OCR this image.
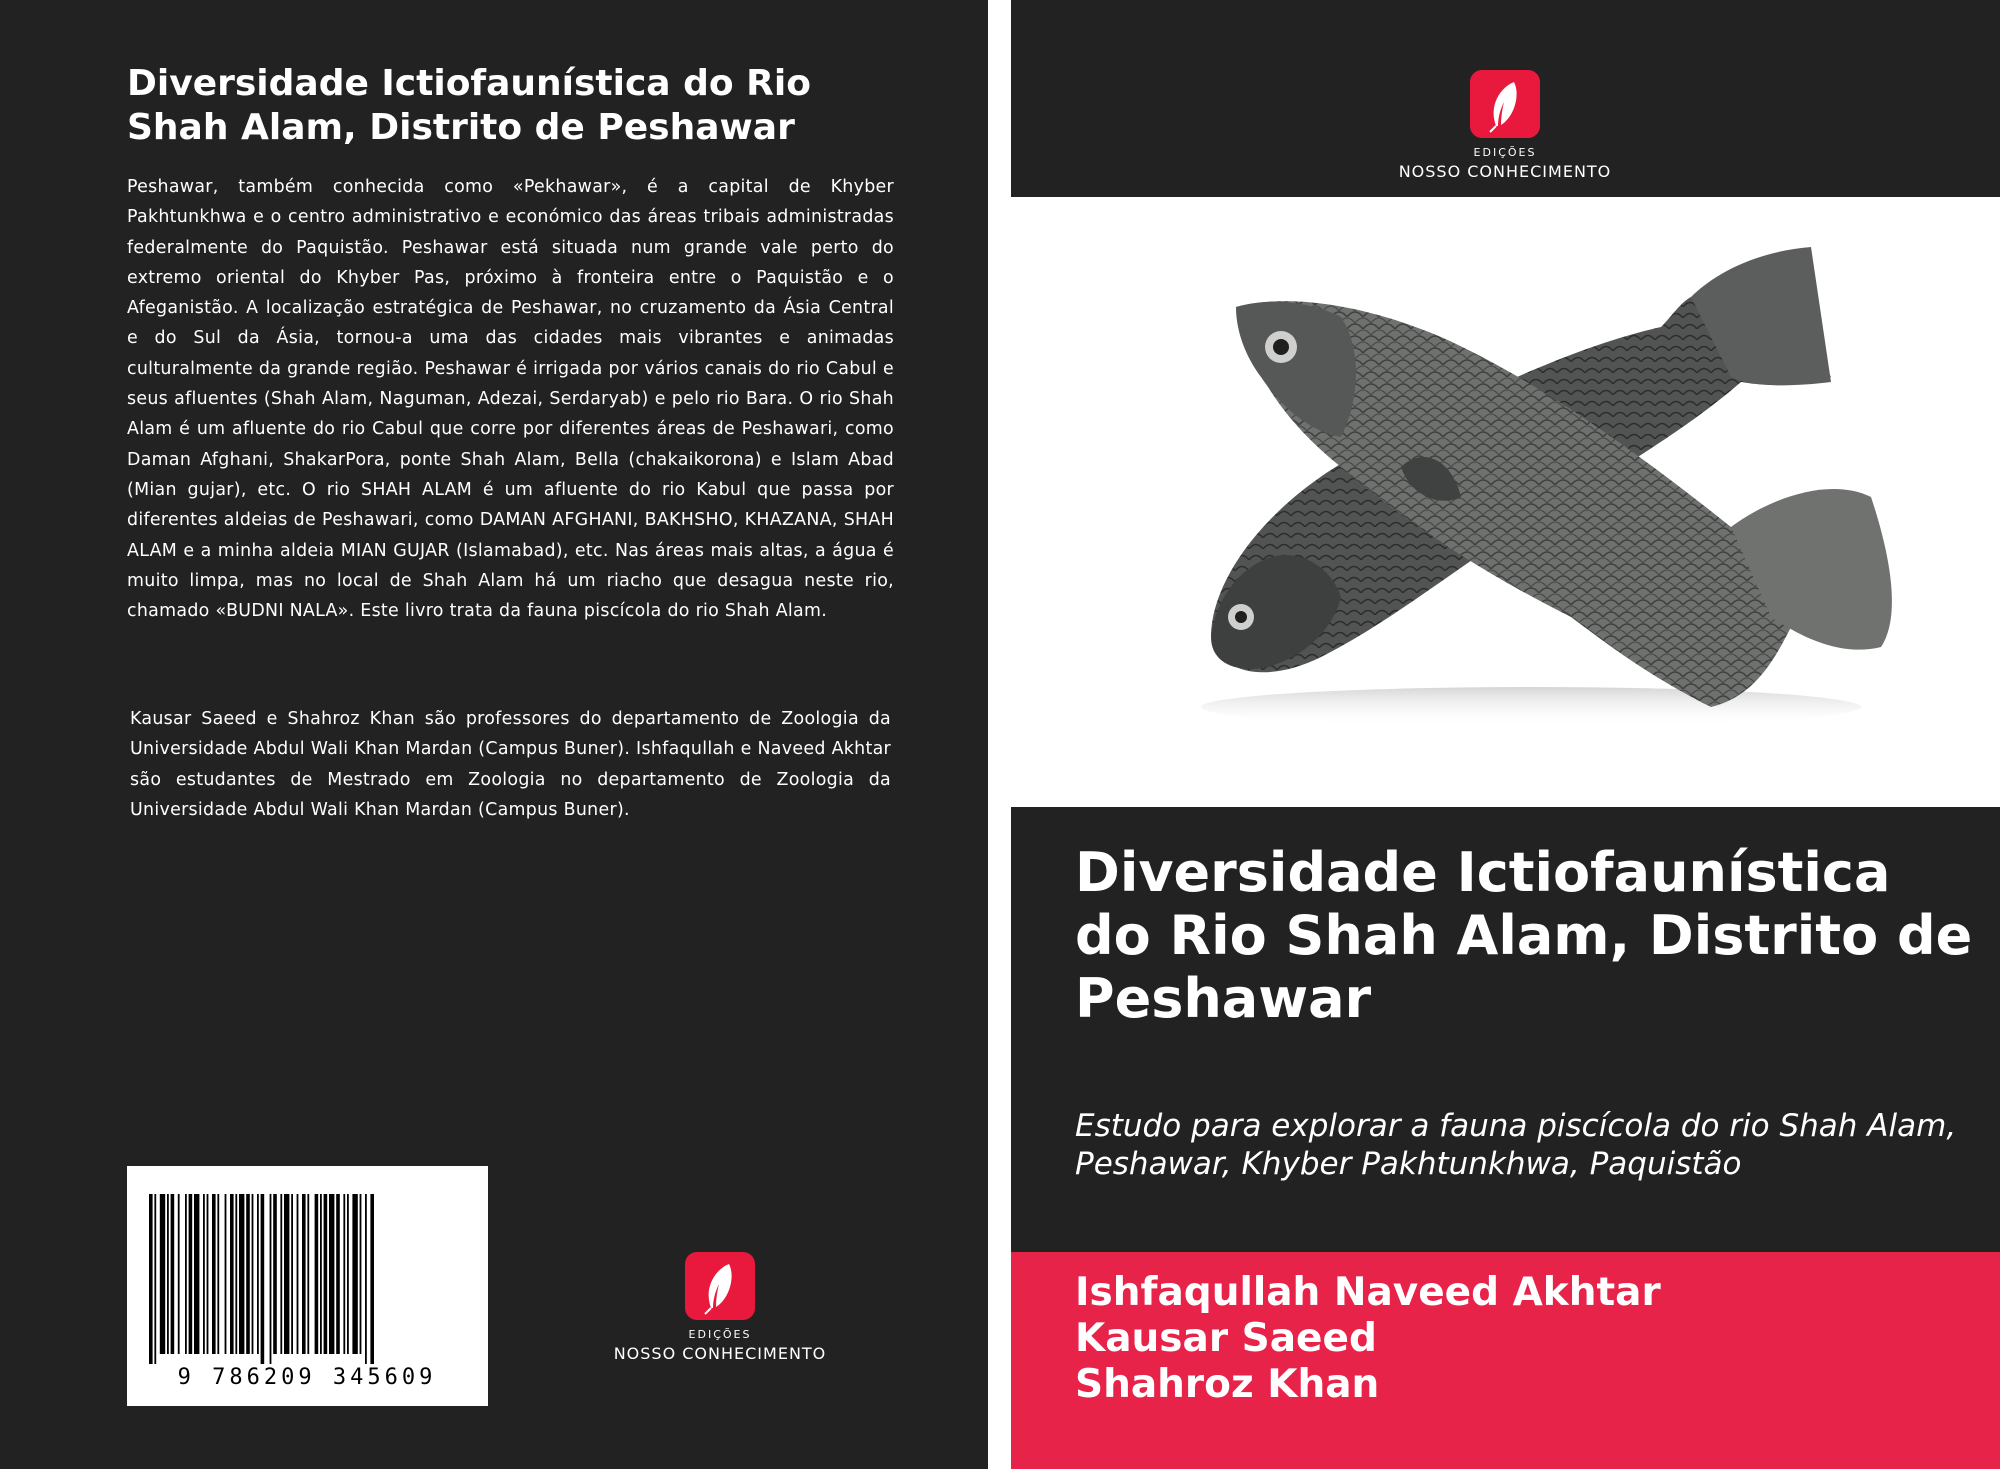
Diversidade Ictiofaunística do Rio Shah Alam, Distrito de Peshawar
Peshawar, também conhecida como «Pekhawar», é a capital de Khyber Pakhtunkhwa e o centro administrativo e económico das áreas tribais administradas federalmente do Paquistão. Peshawar está situada num grande vale perto do extremo oriental do Khyber Pas, próximo à fronteira entre o Paquistão e o Afeganistão. A localização estratégica de Peshawar, no cruzamento da Ásia Central e do Sul da Ásia, tornou-a uma das cidades mais vibrantes e animadas culturalmente da grande região. Peshawar é irrigada por vários canais do rio Cabul e seus afluentes (Shah Alam, Naguman, Adezai, Serdaryab) e pelo rio Bara. O rio Shah Alam é um afluente do rio Cabul que corre por diferentes áreas de Peshawari, como Daman Afghani, ShakarPora, ponte Shah Alam, Bella (chakaikorona) e Islam Abad (Mian gujar), etc. O rio SHAH ALAM é um afluente do rio Kabul que passa por diferentes aldeias de Peshawari, como DAMAN AFGHANI, BAKHSHO, KHAZANA, SHAH ALAM e a minha aldeia MIAN GUJAR (Islamabad), etc. Nas áreas mais altas, a água é muito limpa, mas no local de Shah Alam há um riacho que desagua neste rio, chamado «BUDNI NALA». Este livro trata da fauna piscícola do rio Shah Alam.
Kausar Saeed e Shahroz Khan são professores do departamento de Zoologia da Universidade Abdul Wali Khan Mardan (Campus Buner). Ishfaqullah e Naveed Akhtar são estudantes de Mestrado em Zoologia no departamento de Zoologia da Universidade Abdul Wali Khan Mardan (Campus Buner).
9 786209 345609
EDIÇÕES
NOSSO CONHECIMENTO
EDIÇÕES
NOSSO CONHECIMENTO
Diversidade Ictiofaunística do Rio Shah Alam, Distrito de Peshawar
Estudo para explorar a fauna piscícola do rio Shah Alam, Peshawar, Khyber Pakhtunkhwa, Paquistão
Ishfaqullah Naveed Akhtar
Kausar Saeed
Shahroz Khan
